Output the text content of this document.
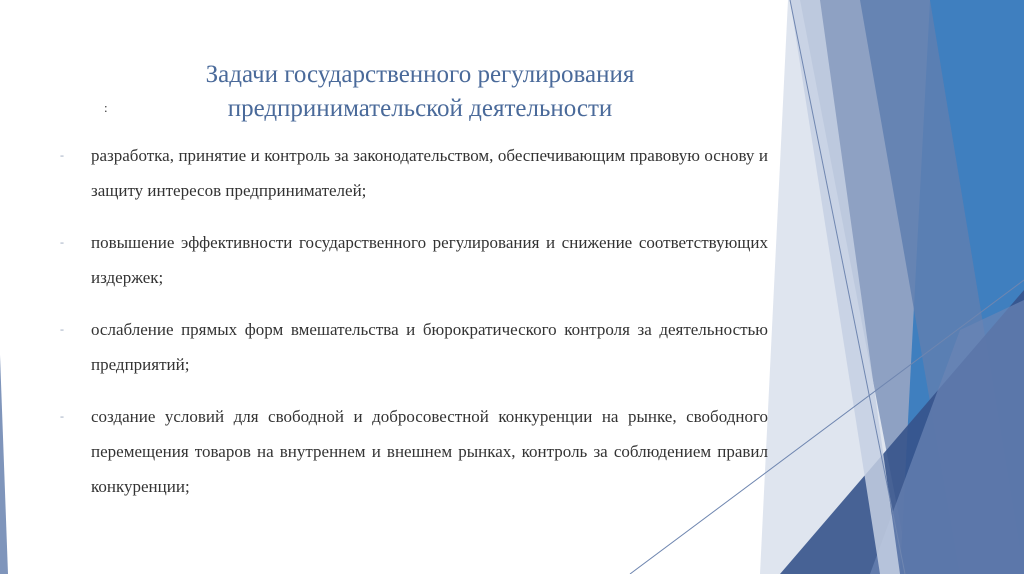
Задачи государственного регулирования
предпринимательской деятельности
:
- разработка, принятие и контроль за законодательством, обеспечивающим правовую основу и защиту интересов предпринимателей;
- повышение эффективности государственного регулирования и снижение соответствующих издержек;
- ослабление прямых форм вмешательства и бюрократического контроля за деятельностью предприятий;
- создание условий для свободной и добросовестной конкуренции на рынке, свободного перемещения товаров на внутреннем и внешнем рынках, контроль за соблюдением правил конкуренции;
